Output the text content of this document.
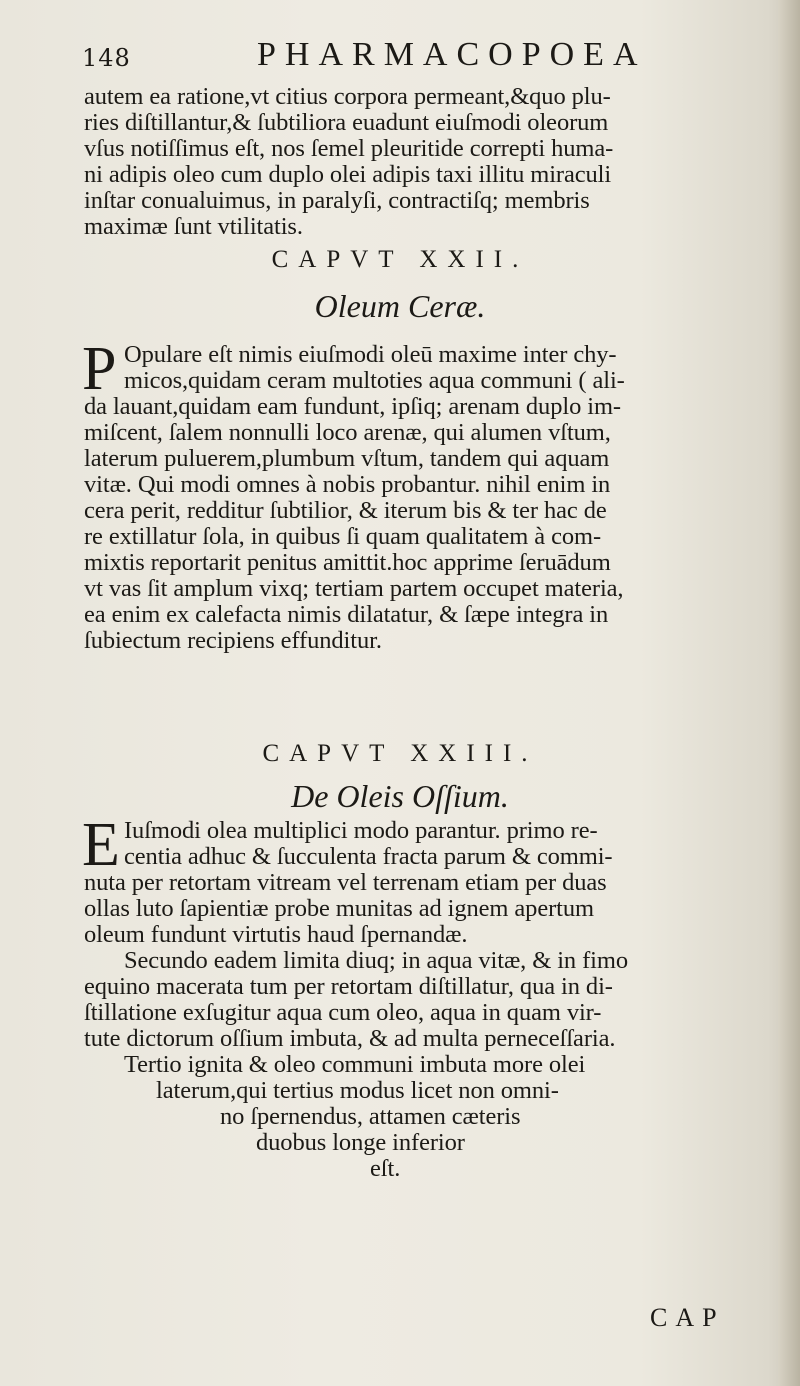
148	PHARMACOPOEA
autem ea ratione,vt citius corpora permeant,&quo plu-
ries diſtillantur,& ſubtiliora euadunt eiuſmodi oleorum
vſus notiſſimus eſt, nos ſemel pleuritide correpti huma-
ni adipis oleo cum duplo olei adipis taxi illitu miraculi
inſtar conualuimus, in paralyſi, contractiſq; membris
maximæ ſunt vtilitatis.
CAPVT XXII.
Oleum Ceræ.
P Opulare eſt nimis eiuſmodi oleū maxime inter chy-
micos,quidam ceram multoties aqua communi ( ali-
da lauant,quidam eam fundunt, ipſiq; arenam duplo im-
miſcent, ſalem nonnulli loco arenæ, qui alumen vſtum,
laterum puluerem,plumbum vſtum, tandem qui aquam
vitæ. Qui modi omnes à nobis probantur. nihil enim in
cera perit, redditur ſubtilior, & iterum bis & ter hac de
re extillatur ſola, in quibus ſi quam qualitatem à com-
mixtis reportarit penitus amittit.hoc apprime ſeruādum
vt vas ſit amplum vixq; tertiam partem occupet materia,
ea enim ex calefacta nimis dilatatur, & ſæpe integra in
ſubiectum recipiens effunditur.
CAPVT XXIII.
De Oleis Oſſium.
E Iuſmodi olea multiplici modo parantur. primo re-
centia adhuc & ſucculenta fracta parum & commi-
nuta per retortam vitream vel terrenam etiam per duas
ollas luto ſapientiæ probe munitas ad ignem apertum
oleum fundunt virtutis haud ſpernandæ.
Secundo eadem limita diuq; in aqua vitæ, & in fimo
equino macerata tum per retortam diſtillatur, qua in di-
ſtillatione exſugitur aqua cum oleo, aqua in quam vir-
tute dictorum oſſium imbuta, & ad multa perneceſſaria.
Tertio ignita & oleo communi imbuta more olei
laterum,qui tertius modus licet non omni-
no ſpernendus, attamen cæteris
duobus longe inferior
eſt.
CAP
